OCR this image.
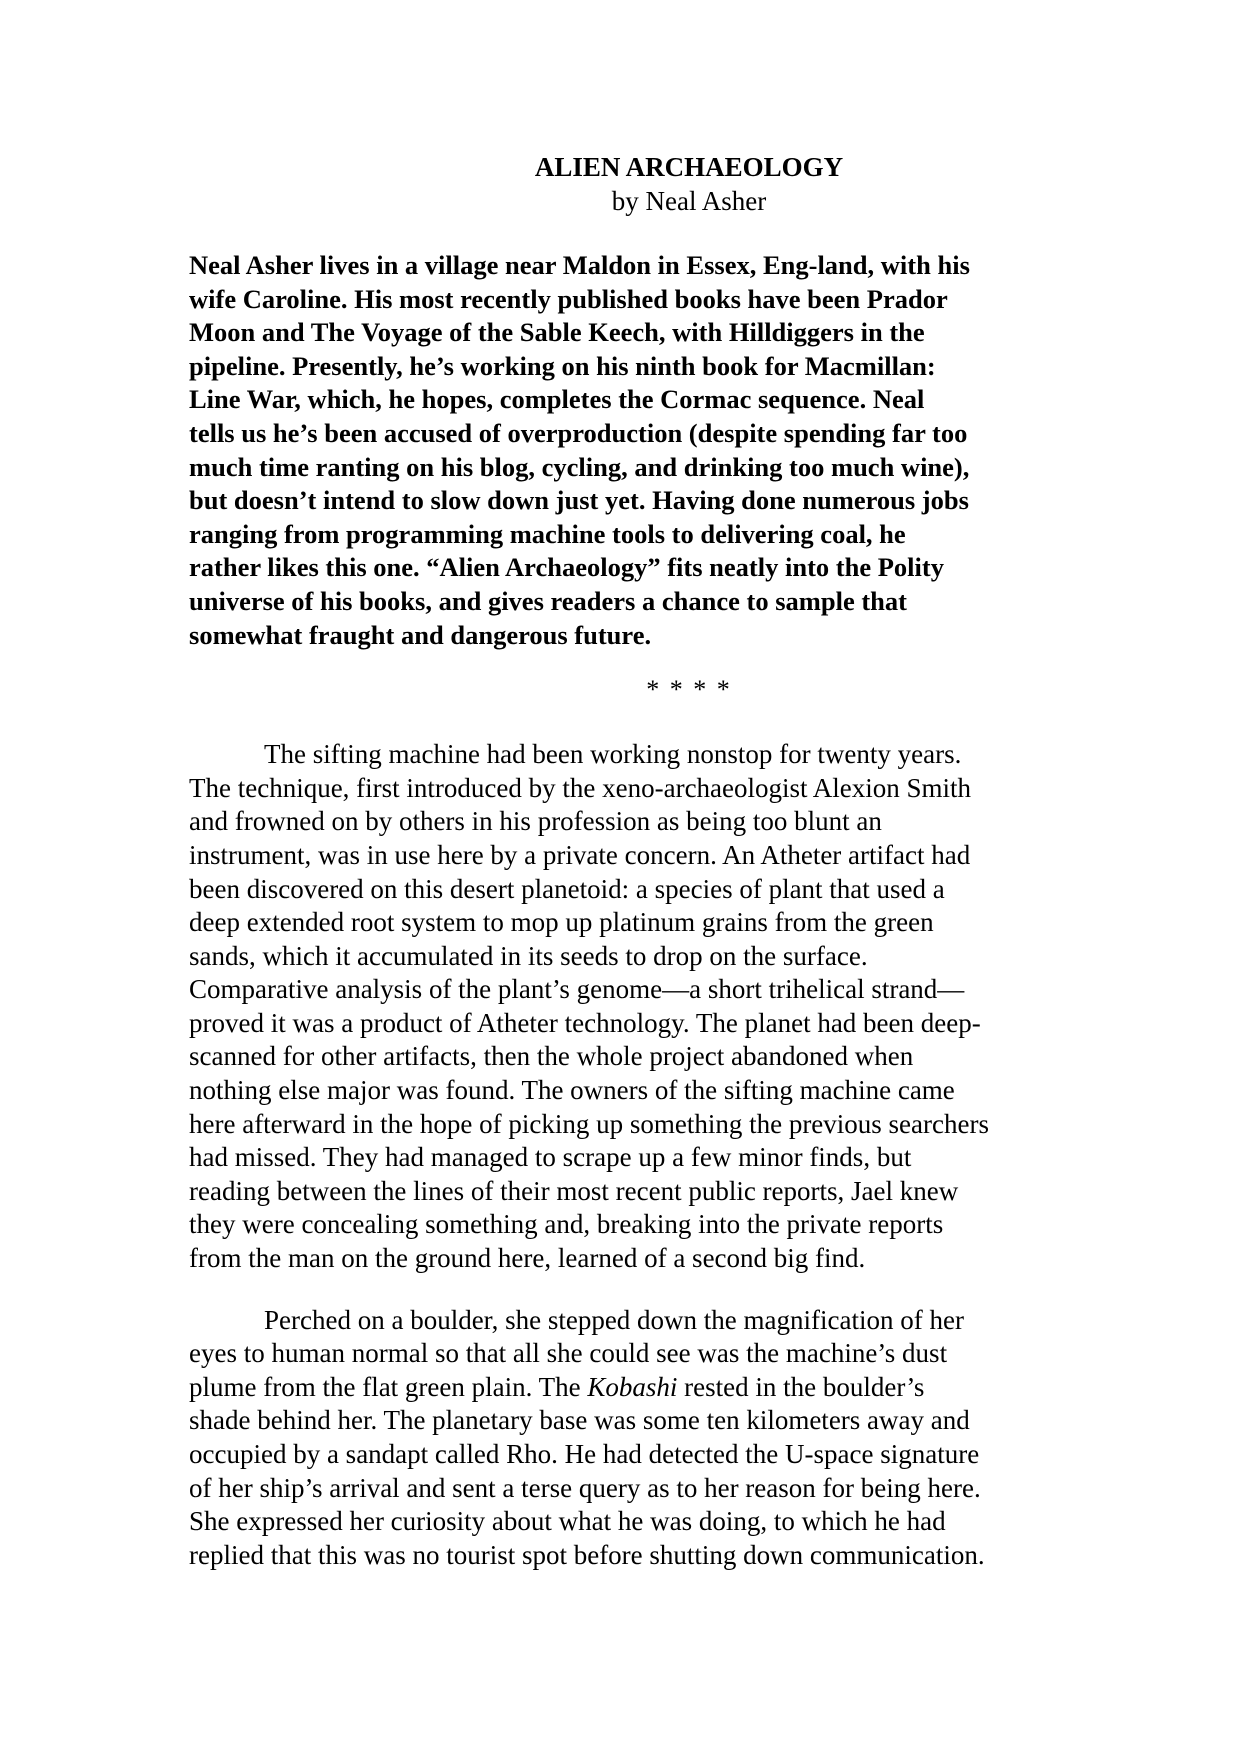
ALIEN ARCHAEOLOGY
by Neal Asher
Neal Asher lives in a village near Maldon in Essex, Eng-land, with his
wife Caroline. His most recently published books have been Prador
Moon and The Voyage of the Sable Keech, with Hilldiggers in the
pipeline. Presently, he’s working on his ninth book for Macmillan:
Line War, which, he hopes, completes the Cormac sequence. Neal
tells us he’s been accused of overproduction (despite spending far too
much time ranting on his blog, cycling, and drinking too much wine),
but doesn’t intend to slow down just yet. Having done numerous jobs
ranging from programming machine tools to delivering coal, he
rather likes this one. “Alien Archaeology” fits neatly into the Polity
universe of his books, and gives readers a chance to sample that
somewhat fraught and dangerous future.
* * * *
The sifting machine had been working nonstop for twenty years.
The technique, first introduced by the xeno-archaeologist Alexion Smith
and frowned on by others in his profession as being too blunt an
instrument, was in use here by a private concern. An Atheter artifact had
been discovered on this desert planetoid: a species of plant that used a
deep extended root system to mop up platinum grains from the green
sands, which it accumulated in its seeds to drop on the surface.
Comparative analysis of the plant’s genome—a short trihelical strand—
proved it was a product of Atheter technology. The planet had been deep-
scanned for other artifacts, then the whole project abandoned when
nothing else major was found. The owners of the sifting machine came
here afterward in the hope of picking up something the previous searchers
had missed. They had managed to scrape up a few minor finds, but
reading between the lines of their most recent public reports, Jael knew
they were concealing something and, breaking into the private reports
from the man on the ground here, learned of a second big find.
Perched on a boulder, she stepped down the magnification of her
eyes to human normal so that all she could see was the machine’s dust
plume from the flat green plain. The Kobashi rested in the boulder’s
shade behind her. The planetary base was some ten kilometers away and
occupied by a sandapt called Rho. He had detected the U-space signature
of her ship’s arrival and sent a terse query as to her reason for being here.
She expressed her curiosity about what he was doing, to which he had
replied that this was no tourist spot before shutting down communication.
